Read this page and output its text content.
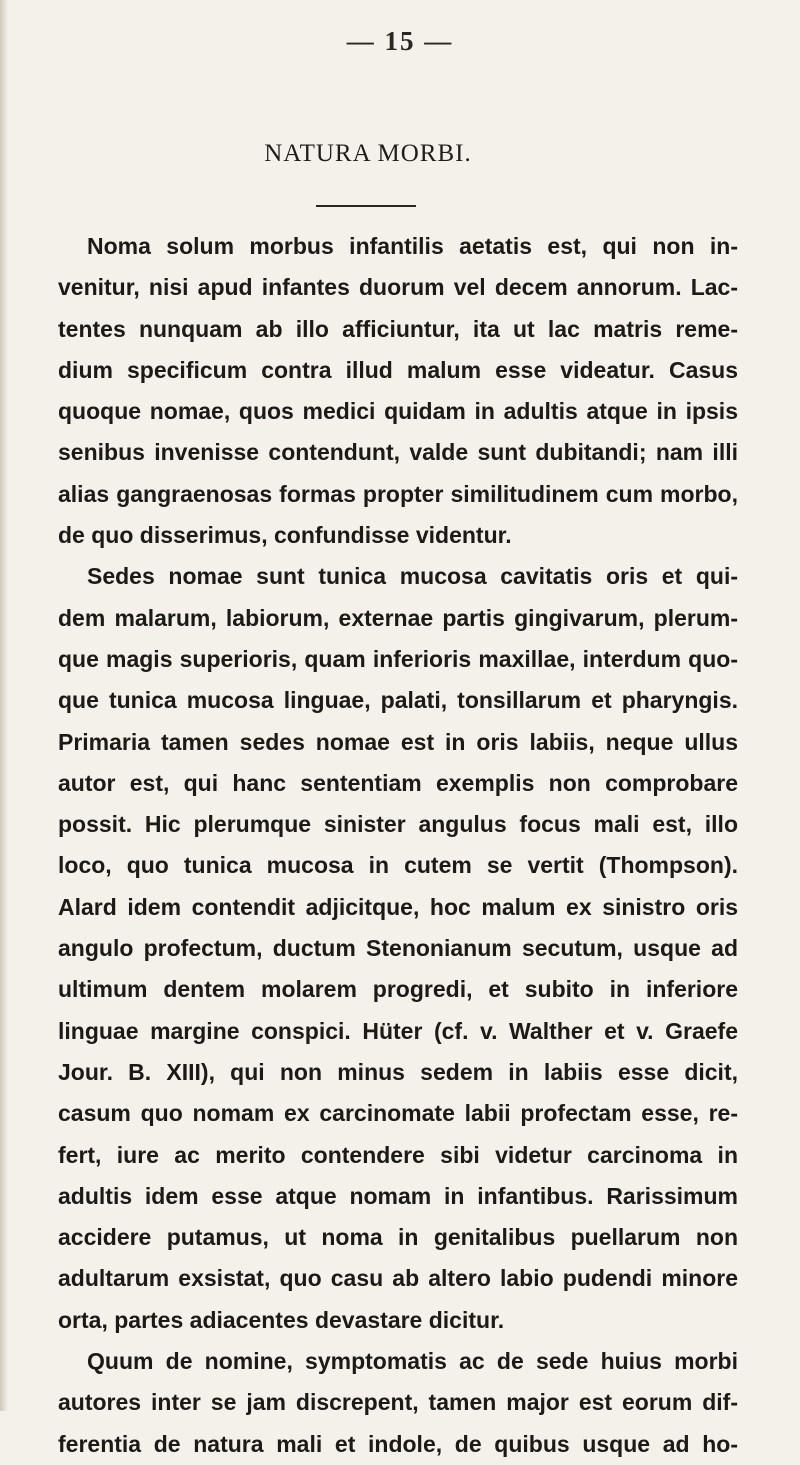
— 15 —
NATURA MORBI.
Noma solum morbus infantilis aetatis est, qui non in-
venitur, nisi apud infantes duorum vel decem annorum. Lac-
tentes nunquam ab illo afficiuntur, ita ut lac matris reme-
dium specificum contra illud malum esse videatur. Casus
quoque nomae, quos medici quidam in adultis atque in ipsis
senibus invenisse contendunt, valde sunt dubitandi; nam illi
alias gangraenosas formas propter similitudinem cum morbo,
de quo disserimus, confundisse videntur.
Sedes nomae sunt tunica mucosa cavitatis oris et qui-
dem malarum, labiorum, externae partis gingivarum, plerum-
que magis superioris, quam inferioris maxillae, interdum quo-
que tunica mucosa linguae, palati, tonsillarum et pharyngis.
Primaria tamen sedes nomae est in oris labiis, neque ullus
autor est, qui hanc sententiam exemplis non comprobare
possit. Hic plerumque sinister angulus focus mali est, illo
loco, quo tunica mucosa in cutem se vertit (Thompson).
Alard idem contendit adjicitque, hoc malum ex sinistro oris
angulo profectum, ductum Stenonianum secutum, usque ad
ultimum dentem molarem progredi, et subito in inferiore
linguae margine conspici. Hüter (cf. v. Walther et v. Graefe
Jour. B. XIII), qui non minus sedem in labiis esse dicit,
casum quo nomam ex carcinomate labii profectam esse, re-
fert, iure ac merito contendere sibi videtur carcinoma in
adultis idem esse atque nomam in infantibus. Rarissimum
accidere putamus, ut noma in genitalibus puellarum non
adultarum exsistat, quo casu ab altero labio pudendi minore
orta, partes adiacentes devastare dicitur.
Quum de nomine, symptomatis ac de sede huius morbi
autores inter se jam discrepent, tamen major est eorum dif-
ferentia de natura mali et indole, de quibus usque ad ho-
